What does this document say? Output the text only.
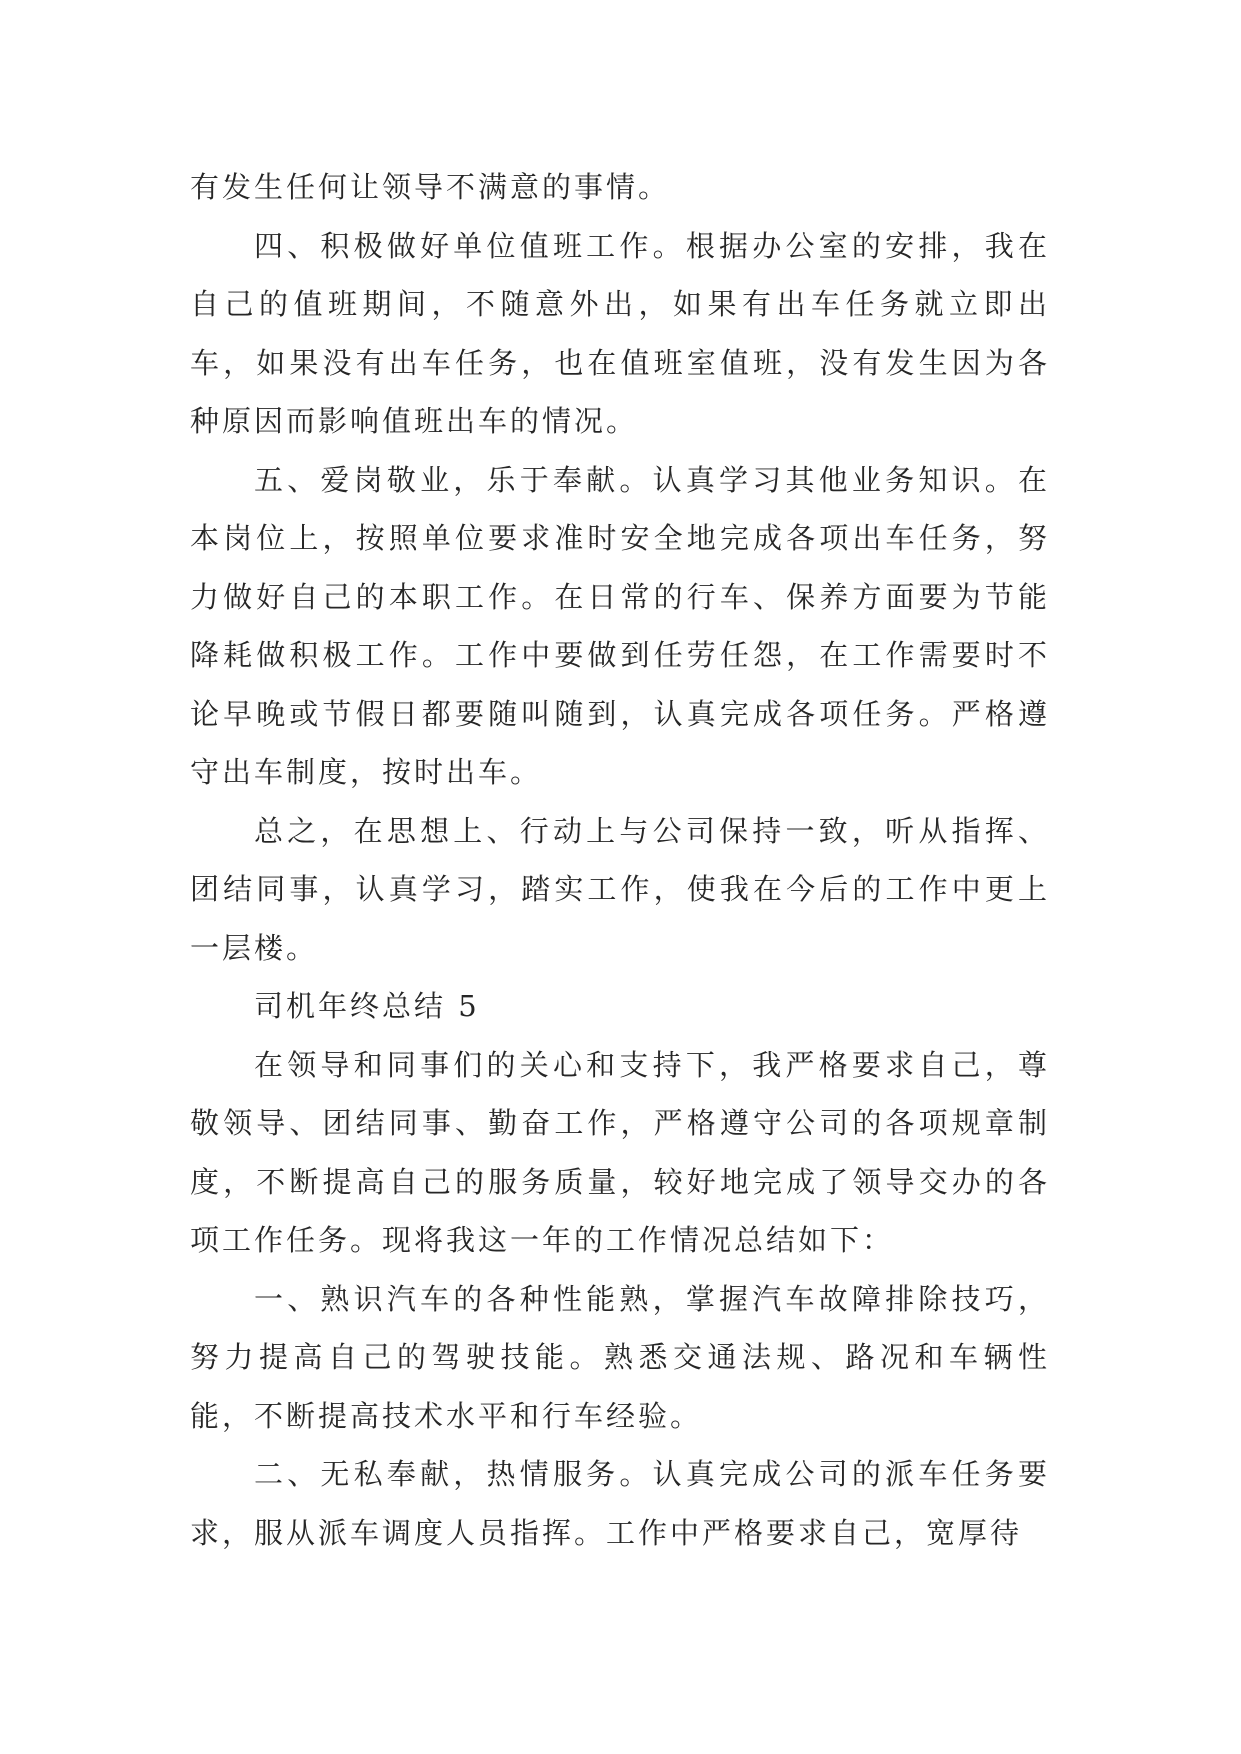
有发生任何让领导不满意的事情。

四、积极做好单位值班工作。根据办公室的安排，我在自己的值班期间，不随意外出，如果有出车任务就立即出车，如果没有出车任务，也在值班室值班，没有发生因为各种原因而影响值班出车的情况。

五、爱岗敬业，乐于奉献。认真学习其他业务知识。在本岗位上，按照单位要求准时安全地完成各项出车任务，努力做好自己的本职工作。在日常的行车、保养方面要为节能降耗做积极工作。工作中要做到任劳任怨，在工作需要时不论早晚或节假日都要随叫随到，认真完成各项任务。严格遵守出车制度，按时出车。

总之，在思想上、行动上与公司保持一致，听从指挥、团结同事，认真学习，踏实工作，使我在今后的工作中更上一层楼。

司机年终总结 5

在领导和同事们的关心和支持下，我严格要求自己，尊敬领导、团结同事、勤奋工作，严格遵守公司的各项规章制度，不断提高自己的服务质量，较好地完成了领导交办的各项工作任务。现将我这一年的工作情况总结如下：

一、熟识汽车的各种性能熟，掌握汽车故障排除技巧，努力提高自己的驾驶技能。熟悉交通法规、路况和车辆性能，不断提高技术水平和行车经验。

二、无私奉献，热情服务。认真完成公司的派车任务要求，服从派车调度人员指挥。工作中严格要求自己，宽厚待
